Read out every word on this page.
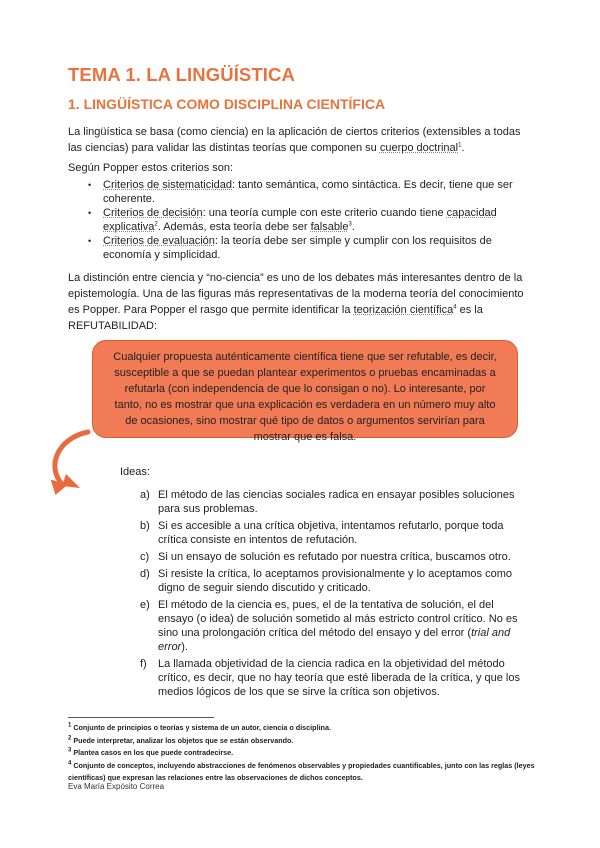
TEMA 1. LA LINGÜÍSTICA
1. LINGÜÍSTICA COMO DISCIPLINA CIENTÍFICA

La lingüística se basa (como ciencia) en la aplicación de ciertos criterios (extensibles a todas las ciencias) para validar las distintas teorías que componen su cuerpo doctrinal$^1$.

Según Popper estos criterios son:

• Criterios de sistematicidad: tanto semántica, como sintáctica. Es decir, tiene que ser coherente.
• Criterios de decisión: una teoría cumple con este criterio cuando tiene capacidad explicativa$^2$. Además, esta teoría debe ser falsable$^3$.
• Criterios de evaluación: la teoría debe ser simple y cumplir con los requisitos de economía y simplicidad.

La distinción entre ciencia y “no-ciencia” es uno de los debates más interesantes dentro de la epistemología. Una de las figuras más representativas de la moderna teoría del conocimiento es Popper. Para Popper el rasgo que permite identificar la teorización científica$^4$ es la REFUTABILIDAD:

Cualquier propuesta auténticamente científica tiene que ser refutable, es decir, susceptible a que se puedan plantear experimentos o pruebas encaminadas a refutarla (con independencia de que lo consigan o no). Lo interesante, por tanto, no es mostrar que una explicación es verdadera en un número muy alto de ocasiones, sino mostrar qué tipo de datos o argumentos servirían para mostrar que es falsa.
Ideas:
a) El método de las ciencias sociales radica en ensayar posibles soluciones para sus problemas.
b) Si es accesible a una crítica objetiva, intentamos refutarlo, porque toda crítica consiste en intentos de refutación.
c) Si un ensayo de solución es refutado por nuestra crítica, buscamos otro.
d) Si resiste la crítica, lo aceptamos provisionalmente y lo aceptamos como digno de seguir siendo discutido y criticado.
e) El método de la ciencia es, pues, el de la tentativa de solución, el del ensayo (o idea) de solución sometido al más estricto control crítico. No es sino una prolongación crítica del método del ensayo y del error (trial and error).
f) La llamada objetividad de la ciencia radica en la objetividad del método crítico, es decir, que no hay teoría que esté liberada de la crítica, y que los medios lógicos de los que se sirve la crítica son objetivos.
$^1$ Conjunto de principios o teorías y sistema de un autor, ciencia o disciplina.
$^2$ Puede interpretar, analizar los objetos que se están observando.
$^3$ Plantea casos en los que puede contradecirse.
$^4$ Conjunto de conceptos, incluyendo abstracciones de fenómenos observables y propiedades cuantificables, junto con las reglas (leyes científicas) que expresan las relaciones entre las observaciones de dichos conceptos.
Eva María Expósito Correa
